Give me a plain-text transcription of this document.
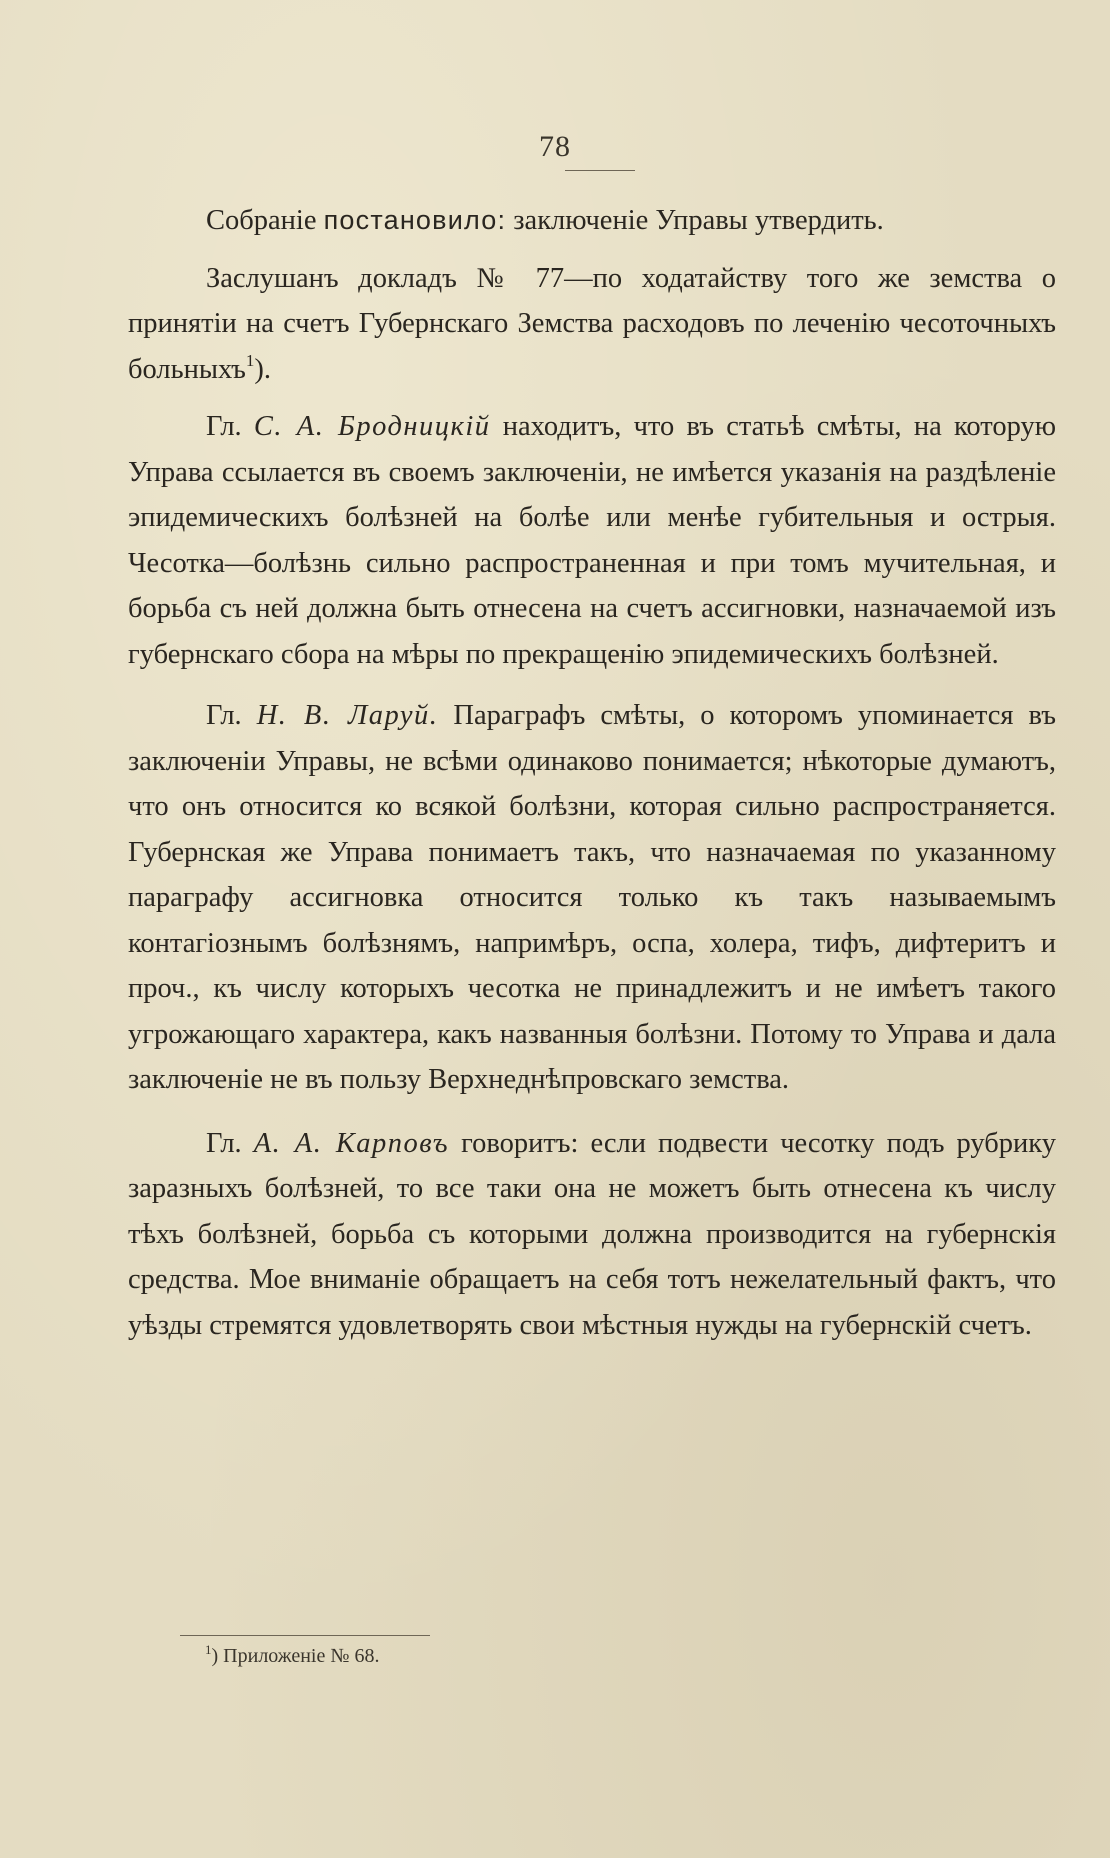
78

Собраніе постановило: заключеніе Управы утвердить.

Заслушанъ докладъ № 77—по ходатайству того же земства о принятіи на счетъ Губернскаго Земства расходовъ по леченію чесоточныхъ больныхъ$^1$).

Гл. С. А. Бродницкій находитъ, что въ статьѣ смѣты, на которую Управа ссылается въ своемъ заключеніи, не имѣется указанія на раздѣленіе эпидемическихъ болѣзней на болѣе или менѣе губительныя и острыя. Чесотка—болѣзнь сильно распространенная и при томъ мучительная, и борьба съ ней должна быть отнесена на счетъ ассигновки, назначаемой изъ губернскаго сбора на мѣры по прекращенію эпидемическихъ болѣзней.

Гл. Н. В. Ларуй. Параграфъ смѣты, о которомъ упоминается въ заключеніи Управы, не всѣми одинаково понимается; нѣкоторые думаютъ, что онъ относится ко всякой болѣзни, которая сильно распространяется. Губернская же Управа понимаетъ такъ, что назначаемая по указанному параграфу ассигновка относится только къ такъ называемымъ контагіознымъ болѣзнямъ, напримѣръ, оспа, холера, тифъ, дифтеритъ и проч., къ числу которыхъ чесотка не принадлежитъ и не имѣетъ такого угрожающаго характера, какъ названныя болѣзни. Потому то Управа и дала заключеніе не въ пользу Верхнеднѣпровскаго земства.

Гл. А. А. Карповъ говоритъ: если подвести чесотку подъ рубрику заразныхъ болѣзней, то все таки она не можетъ быть отнесена къ числу тѣхъ болѣзней, борьба съ которыми должна производится на губернскія средства. Мое вниманіе обращаетъ на себя тотъ нежелательный фактъ, что уѣзды стремятся удовлетворять свои мѣстныя нужды на губернскій счетъ.

$^1$) Приложеніе № 68.
